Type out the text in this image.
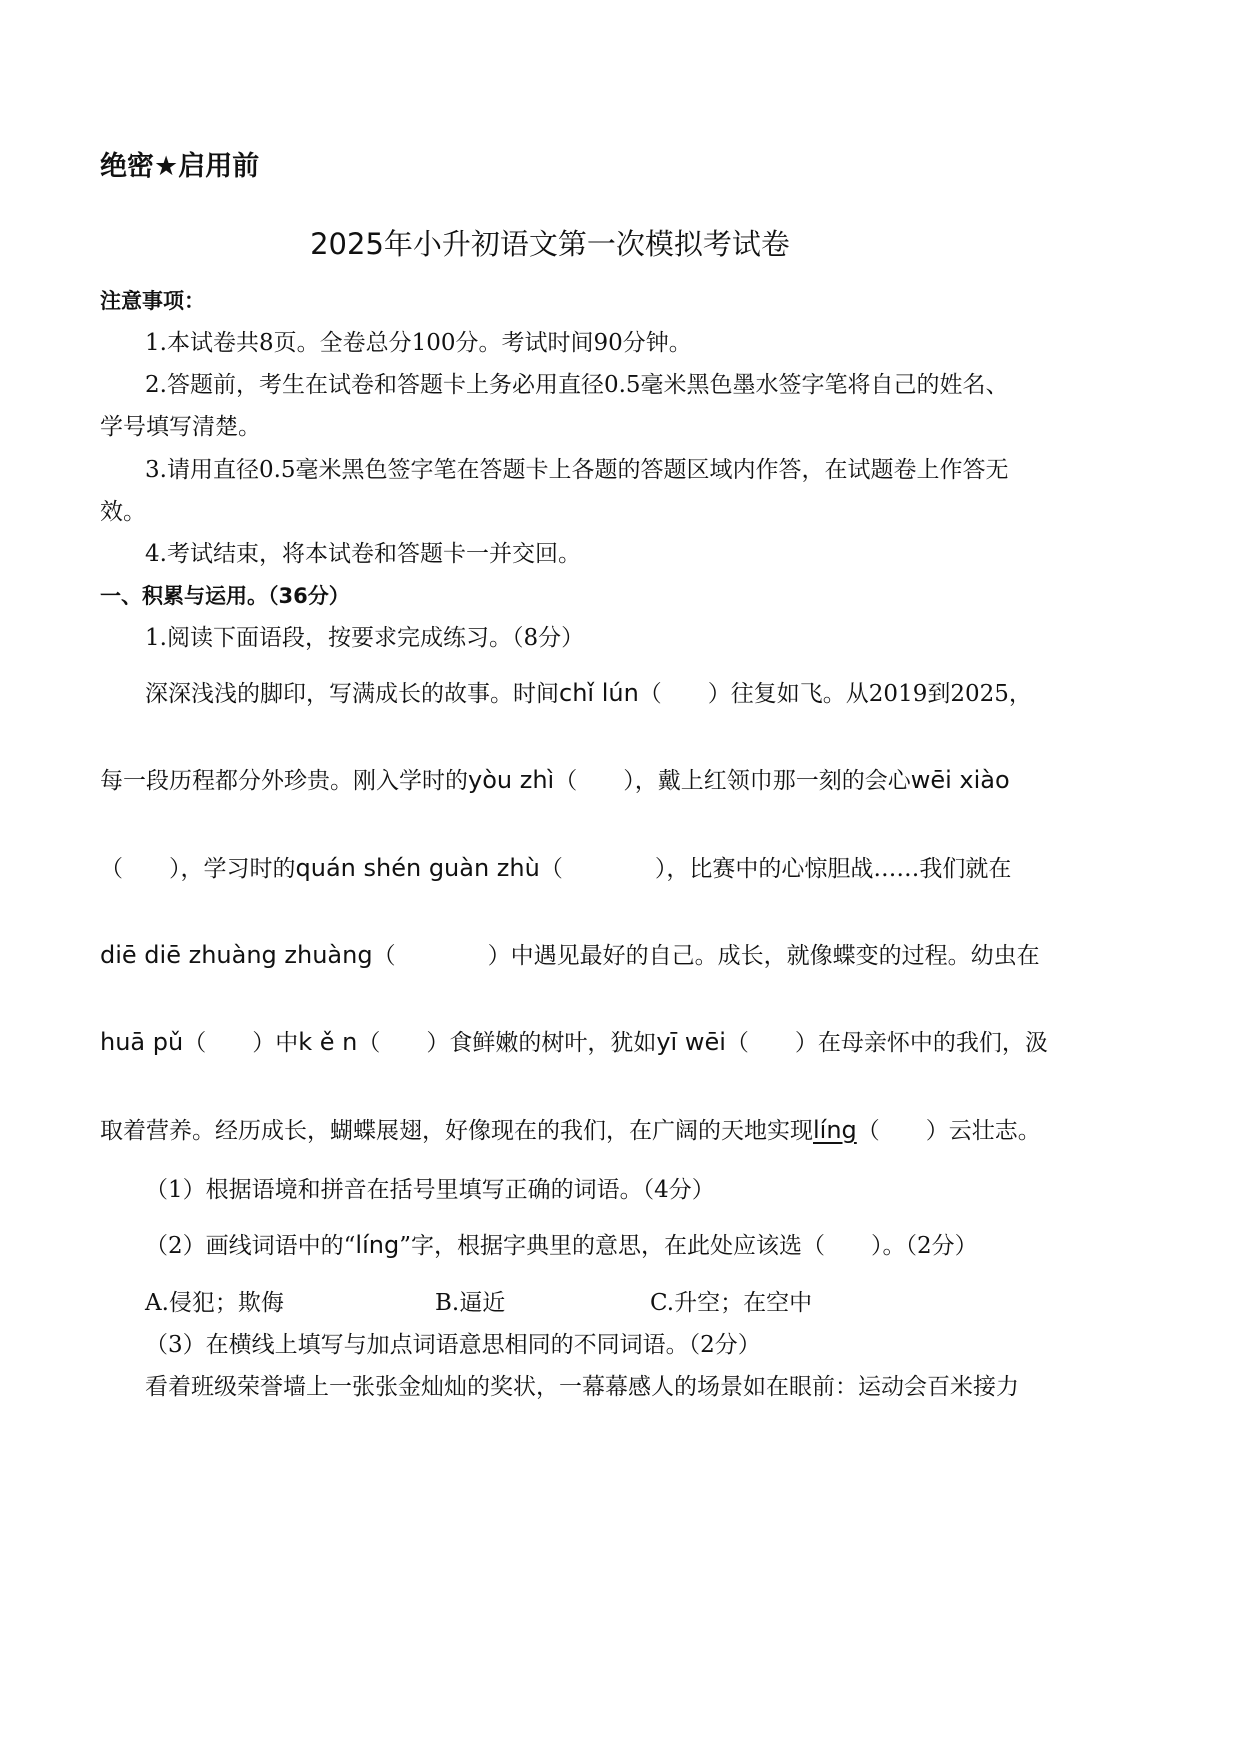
绝密★启用前
2025年小升初语文第一次模拟考试卷
注意事项：
1.本试卷共8页。全卷总分100分。考试时间90分钟。
2.答题前，考生在试卷和答题卡上务必用直径0.5毫米黑色墨水签字笔将自己的姓名、
学号填写清楚。
3.请用直径0.5毫米黑色签字笔在答题卡上各题的答题区域内作答，在试题卷上作答无
效。
4.考试结束，将本试卷和答题卡一并交回。
一、积累与运用。（36分）
1.阅读下面语段，按要求完成练习。（8分）
深深浅浅的脚印，写满成长的故事。时间chǐ lún（　　）往复如飞。从2019到2025，
每一段历程都分外珍贵。刚入学时的yòu zhì（　　），戴上红领巾那一刻的会心wēi xiào
（　　），学习时的quán shén guàn zhù（　　　　），比赛中的心惊胆战……我们就在
diē diē zhuàng zhuàng（　　　　）中遇见最好的自己。成长，就像蝶变的过程。幼虫在
huā pǔ（　　）中k ě n（　　）食鲜嫩的树叶，犹如yī wēi（　　）在母亲怀中的我们，汲
取着营养。经历成长，蝴蝶展翅，好像现在的我们，在广阔的天地实现líng（　　）云壮志。
（1）根据语境和拼音在括号里填写正确的词语。（4分）
（2）画线词语中的“líng”字，根据字典里的意思，在此处应该选（　　）。（2分）
A.侵犯；欺侮	B.逼近	C.升空；在空中
（3）在横线上填写与加点词语意思相同的不同词语。（2分）
看着班级荣誉墙上一张张金灿灿的奖状，一幕幕感人的场景如在眼前：运动会百米接力
